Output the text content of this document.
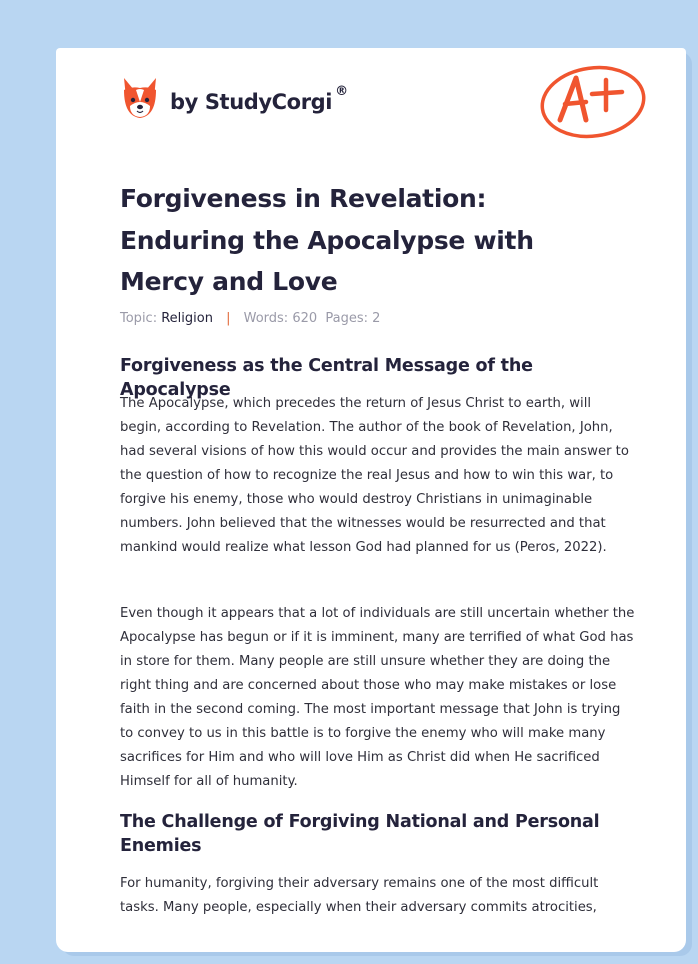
by StudyCorgi ®
Forgiveness in Revelation: Enduring the Apocalypse with Mercy and Love
Topic: Religion | Words: 620 Pages: 2
Forgiveness as the Central Message of the Apocalypse

The Apocalypse, which precedes the return of Jesus Christ to earth, will begin, according to Revelation. The author of the book of Revelation, John, had several visions of how this would occur and provides the main answer to the question of how to recognize the real Jesus and how to win this war, to forgive his enemy, those who would destroy Christians in unimaginable numbers. John believed that the witnesses would be resurrected and that mankind would realize what lesson God had planned for us (Peros, 2022).

Even though it appears that a lot of individuals are still uncertain whether the Apocalypse has begun or if it is imminent, many are terrified of what God has in store for them. Many people are still unsure whether they are doing the right thing and are concerned about those who may make mistakes or lose faith in the second coming. The most important message that John is trying to convey to us in this battle is to forgive the enemy who will make many sacrifices for Him and who will love Him as Christ did when He sacrificed Himself for all of humanity.

The Challenge of Forgiving National and Personal Enemies

For humanity, forgiving their adversary remains one of the most difficult tasks. Many people, especially when their adversary commits atrocities,
